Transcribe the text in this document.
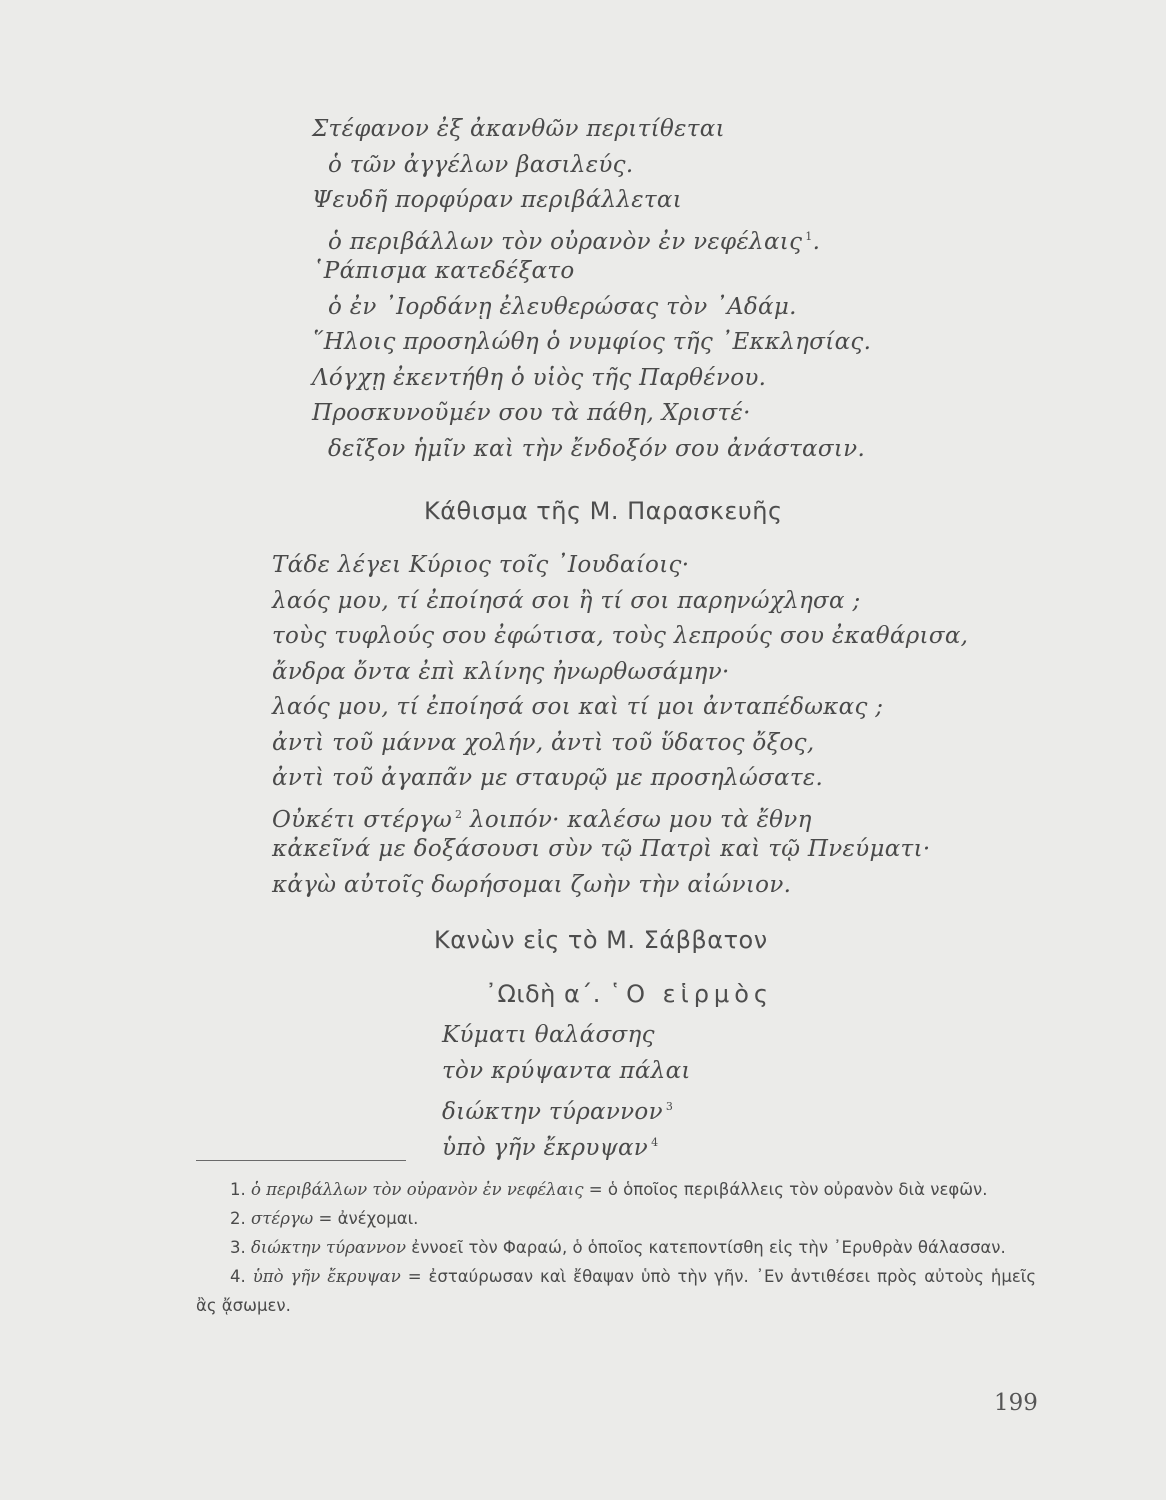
Στέφανον ἐξ ἀκανθῶν περιτίθεται
ὁ τῶν ἀγγέλων βασιλεύς.
Ψευδῆ πορφύραν περιβάλλεται
ὁ περιβάλλων τὸν οὐρανὸν ἐν νεφέλαις $^1$.
῾Ράπισμα κατεδέξατο
ὁ ἐν ᾿Ιορδάνῃ ἐλευθερώσας τὸν ᾿Αδάμ.
῞Ηλοις προσηλώθη ὁ νυμφίος τῆς ᾿Εκκλησίας.
Λόγχῃ ἐκεντήθη ὁ υἱὸς τῆς Παρθένου.
Προσκυνοῦμέν σου τὰ πάθη, Χριστέ·
δεῖξον ἡμῖν καὶ τὴν ἔνδοξόν σου ἀνάστασιν.
Κάθισμα τῆς Μ. Παρασκευῆς
Τάδε λέγει Κύριος τοῖς ᾿Ιουδαίοις·
λαός μου, τί ἐποίησά σοι ἢ τί σοι παρηνώχλησα ;
τοὺς τυφλούς σου ἐφώτισα, τοὺς λεπρούς σου ἐκαθάρισα,
ἄνδρα ὄντα ἐπὶ κλίνης ἠνωρθωσάμην·
λαός μου, τί ἐποίησά σοι καὶ τί μοι ἀνταπέδωκας ;
ἀντὶ τοῦ μάννα χολήν, ἀντὶ τοῦ ὕδατος ὄξος,
ἀντὶ τοῦ ἀγαπᾶν με σταυρῷ με προσηλώσατε.
Οὐκέτι στέργω $^2$ λοιπόν· καλέσω μου τὰ ἔθνη
κἀκεῖνά με δοξάσουσι σὺν τῷ Πατρὶ καὶ τῷ Πνεύματι·
κἀγὼ αὐτοῖς δωρήσομαι ζωὴν τὴν αἰώνιον.
Κανὼν εἰς τὸ Μ. Σάββατον
᾿Ωιδὴ α΄. ῾Ο εἱρμὸς
Κύματι θαλάσσης
τὸν κρύψαντα πάλαι
διώκτην τύραννον $^3$
ὑπὸ γῆν ἔκρυψαν $^4$

1. ὁ περιβάλλων τὸν οὐρανὸν ἐν νεφέλαις = ὁ ὁποῖος περιβάλλεις τὸν οὐρανὸν διὰ νεφῶν.

2. στέργω = ἀνέχομαι.

3. διώκτην τύραννον ἐννοεῖ τὸν Φαραώ, ὁ ὁποῖος κατεποντίσθη εἰς τὴν ᾿Ερυθρὰν θάλασσαν.

4. ὑπὸ γῆν ἔκρυψαν = ἐσταύρωσαν καὶ ἔθαψαν ὑπὸ τὴν γῆν. ᾿Εν ἀντιθέσει πρὸς αὐτοὺς ἡμεῖς ἂς ᾄσωμεν.

199
